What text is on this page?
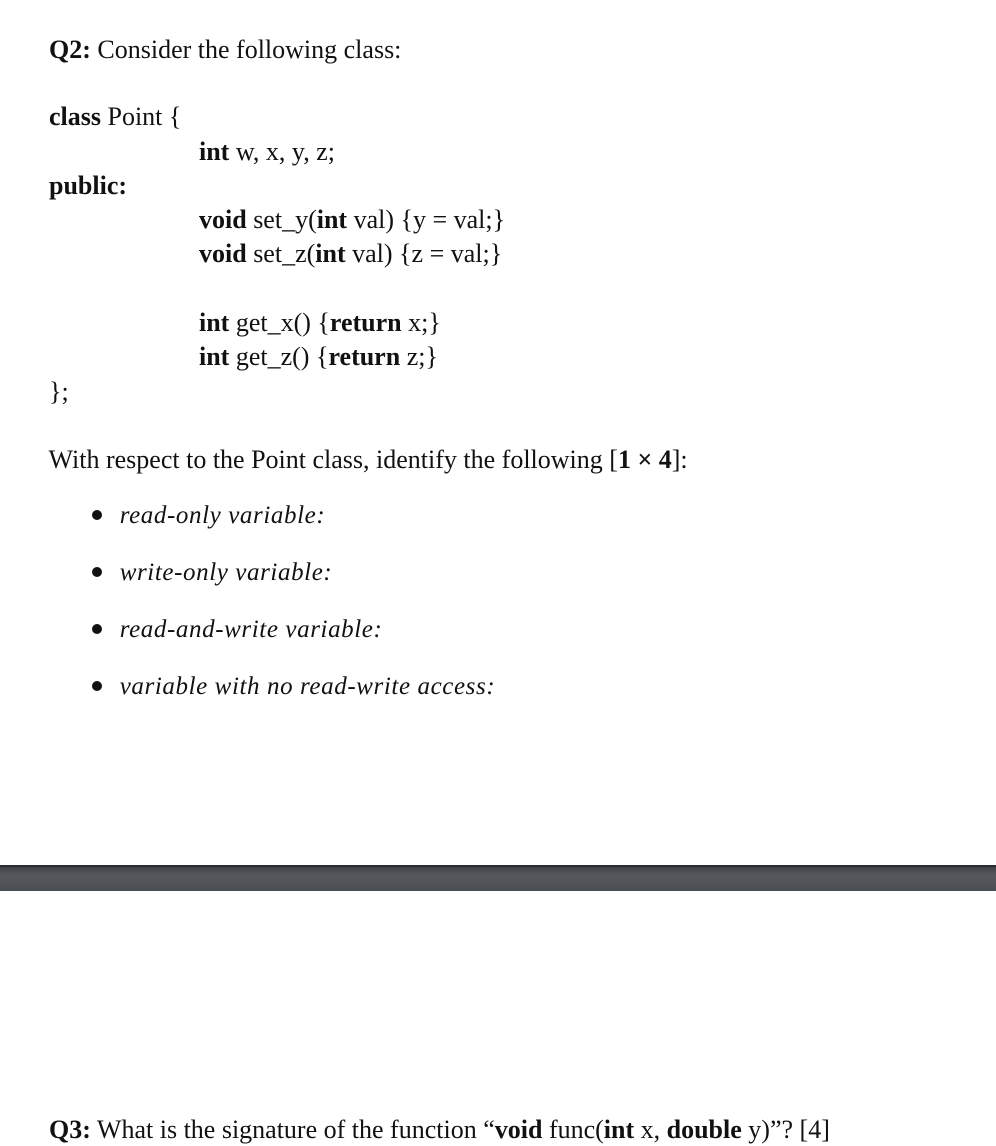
Q2: Consider the following class:

class Point {

int w, x, y, z;

public:

void set_y(int val) {y = val;}

void set_z(int val) {z = val;}

int get_x() {return x;}

int get_z() {return z;}

};

With respect to the Point class, identify the following [1 × 4]:

read-only variable:

write-only variable:

read-and-write variable:

variable with no read-write access:

Q3: What is the signature of the function “void func(int x, double y)”? [4]
